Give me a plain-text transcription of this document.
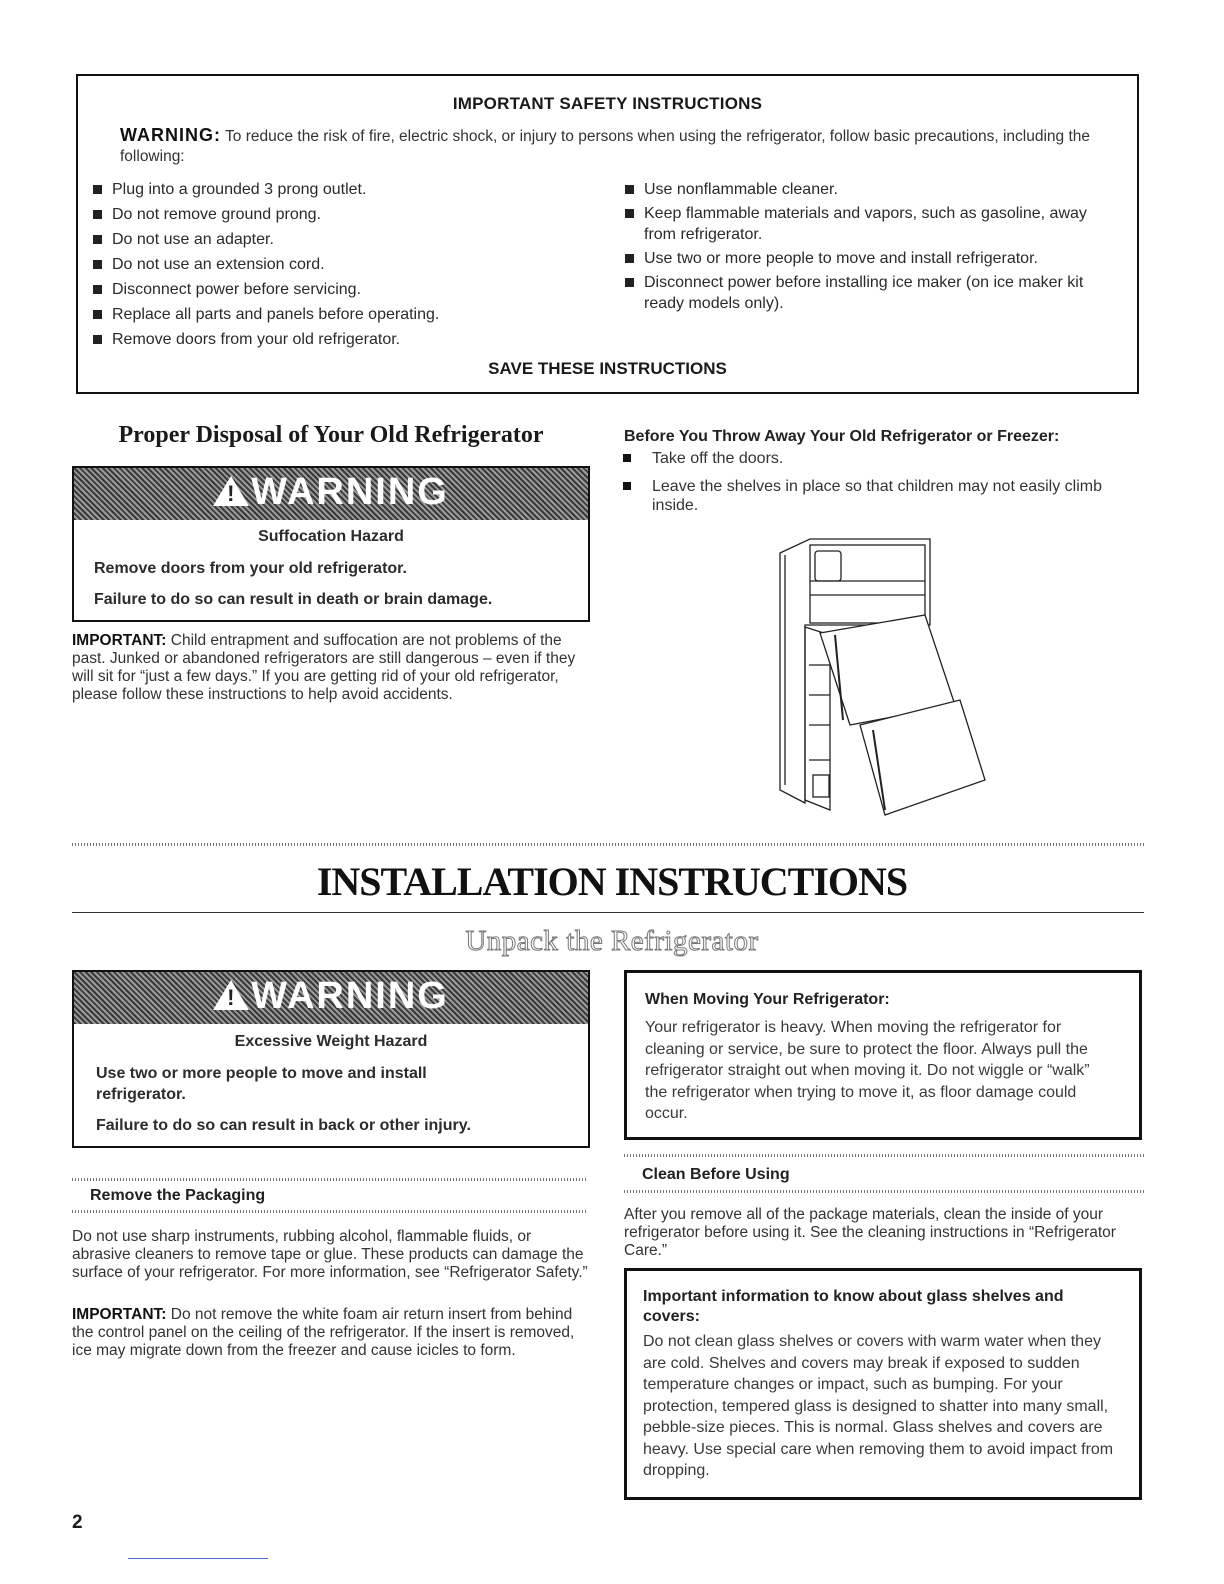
IMPORTANT SAFETY INSTRUCTIONS
WARNING: To reduce the risk of fire, electric shock, or injury to persons when using the refrigerator, follow basic precautions, including the following:
Plug into a grounded 3 prong outlet.
Do not remove ground prong.
Do not use an adapter.
Do not use an extension cord.
Disconnect power before servicing.
Replace all parts and panels before operating.
Remove doors from your old refrigerator.
Use nonflammable cleaner.
Keep flammable materials and vapors, such as gasoline, away from refrigerator.
Use two or more people to move and install refrigerator.
Disconnect power before installing ice maker (on ice maker kit ready models only).
SAVE THESE INSTRUCTIONS
Proper Disposal of Your Old Refrigerator
! WARNING
Suffocation Hazard
Remove doors from your old refrigerator.
Failure to do so can result in death or brain damage.
IMPORTANT: Child entrapment and suffocation are not problems of the past. Junked or abandoned refrigerators are still dangerous – even if they will sit for “just a few days.” If you are getting rid of your old refrigerator, please follow these instructions to help avoid accidents.
Before You Throw Away Your Old Refrigerator or Freezer:
Take off the doors.
Leave the shelves in place so that children may not easily climb inside.
INSTALLATION INSTRUCTIONS
Unpack the Refrigerator
! WARNING
Excessive Weight Hazard
Use two or more people to move and install refrigerator.
Failure to do so can result in back or other injury.
When Moving Your Refrigerator:
Your refrigerator is heavy. When moving the refrigerator for cleaning or service, be sure to protect the floor. Always pull the refrigerator straight out when moving it. Do not wiggle or “walk” the refrigerator when trying to move it, as floor damage could occur.
Remove the Packaging
Do not use sharp instruments, rubbing alcohol, flammable fluids, or abrasive cleaners to remove tape or glue. These products can damage the surface of your refrigerator. For more information, see “Refrigerator Safety.”
IMPORTANT: Do not remove the white foam air return insert from behind the control panel on the ceiling of the refrigerator. If the insert is removed, ice may migrate down from the freezer and cause icicles to form.
Clean Before Using
After you remove all of the package materials, clean the inside of your refrigerator before using it. See the cleaning instructions in “Refrigerator Care.”
Important information to know about glass shelves and covers:
Do not clean glass shelves or covers with warm water when they are cold. Shelves and covers may break if exposed to sudden temperature changes or impact, such as bumping. For your protection, tempered glass is designed to shatter into many small, pebble-size pieces. This is normal. Glass shelves and covers are heavy. Use special care when removing them to avoid impact from dropping.
2
